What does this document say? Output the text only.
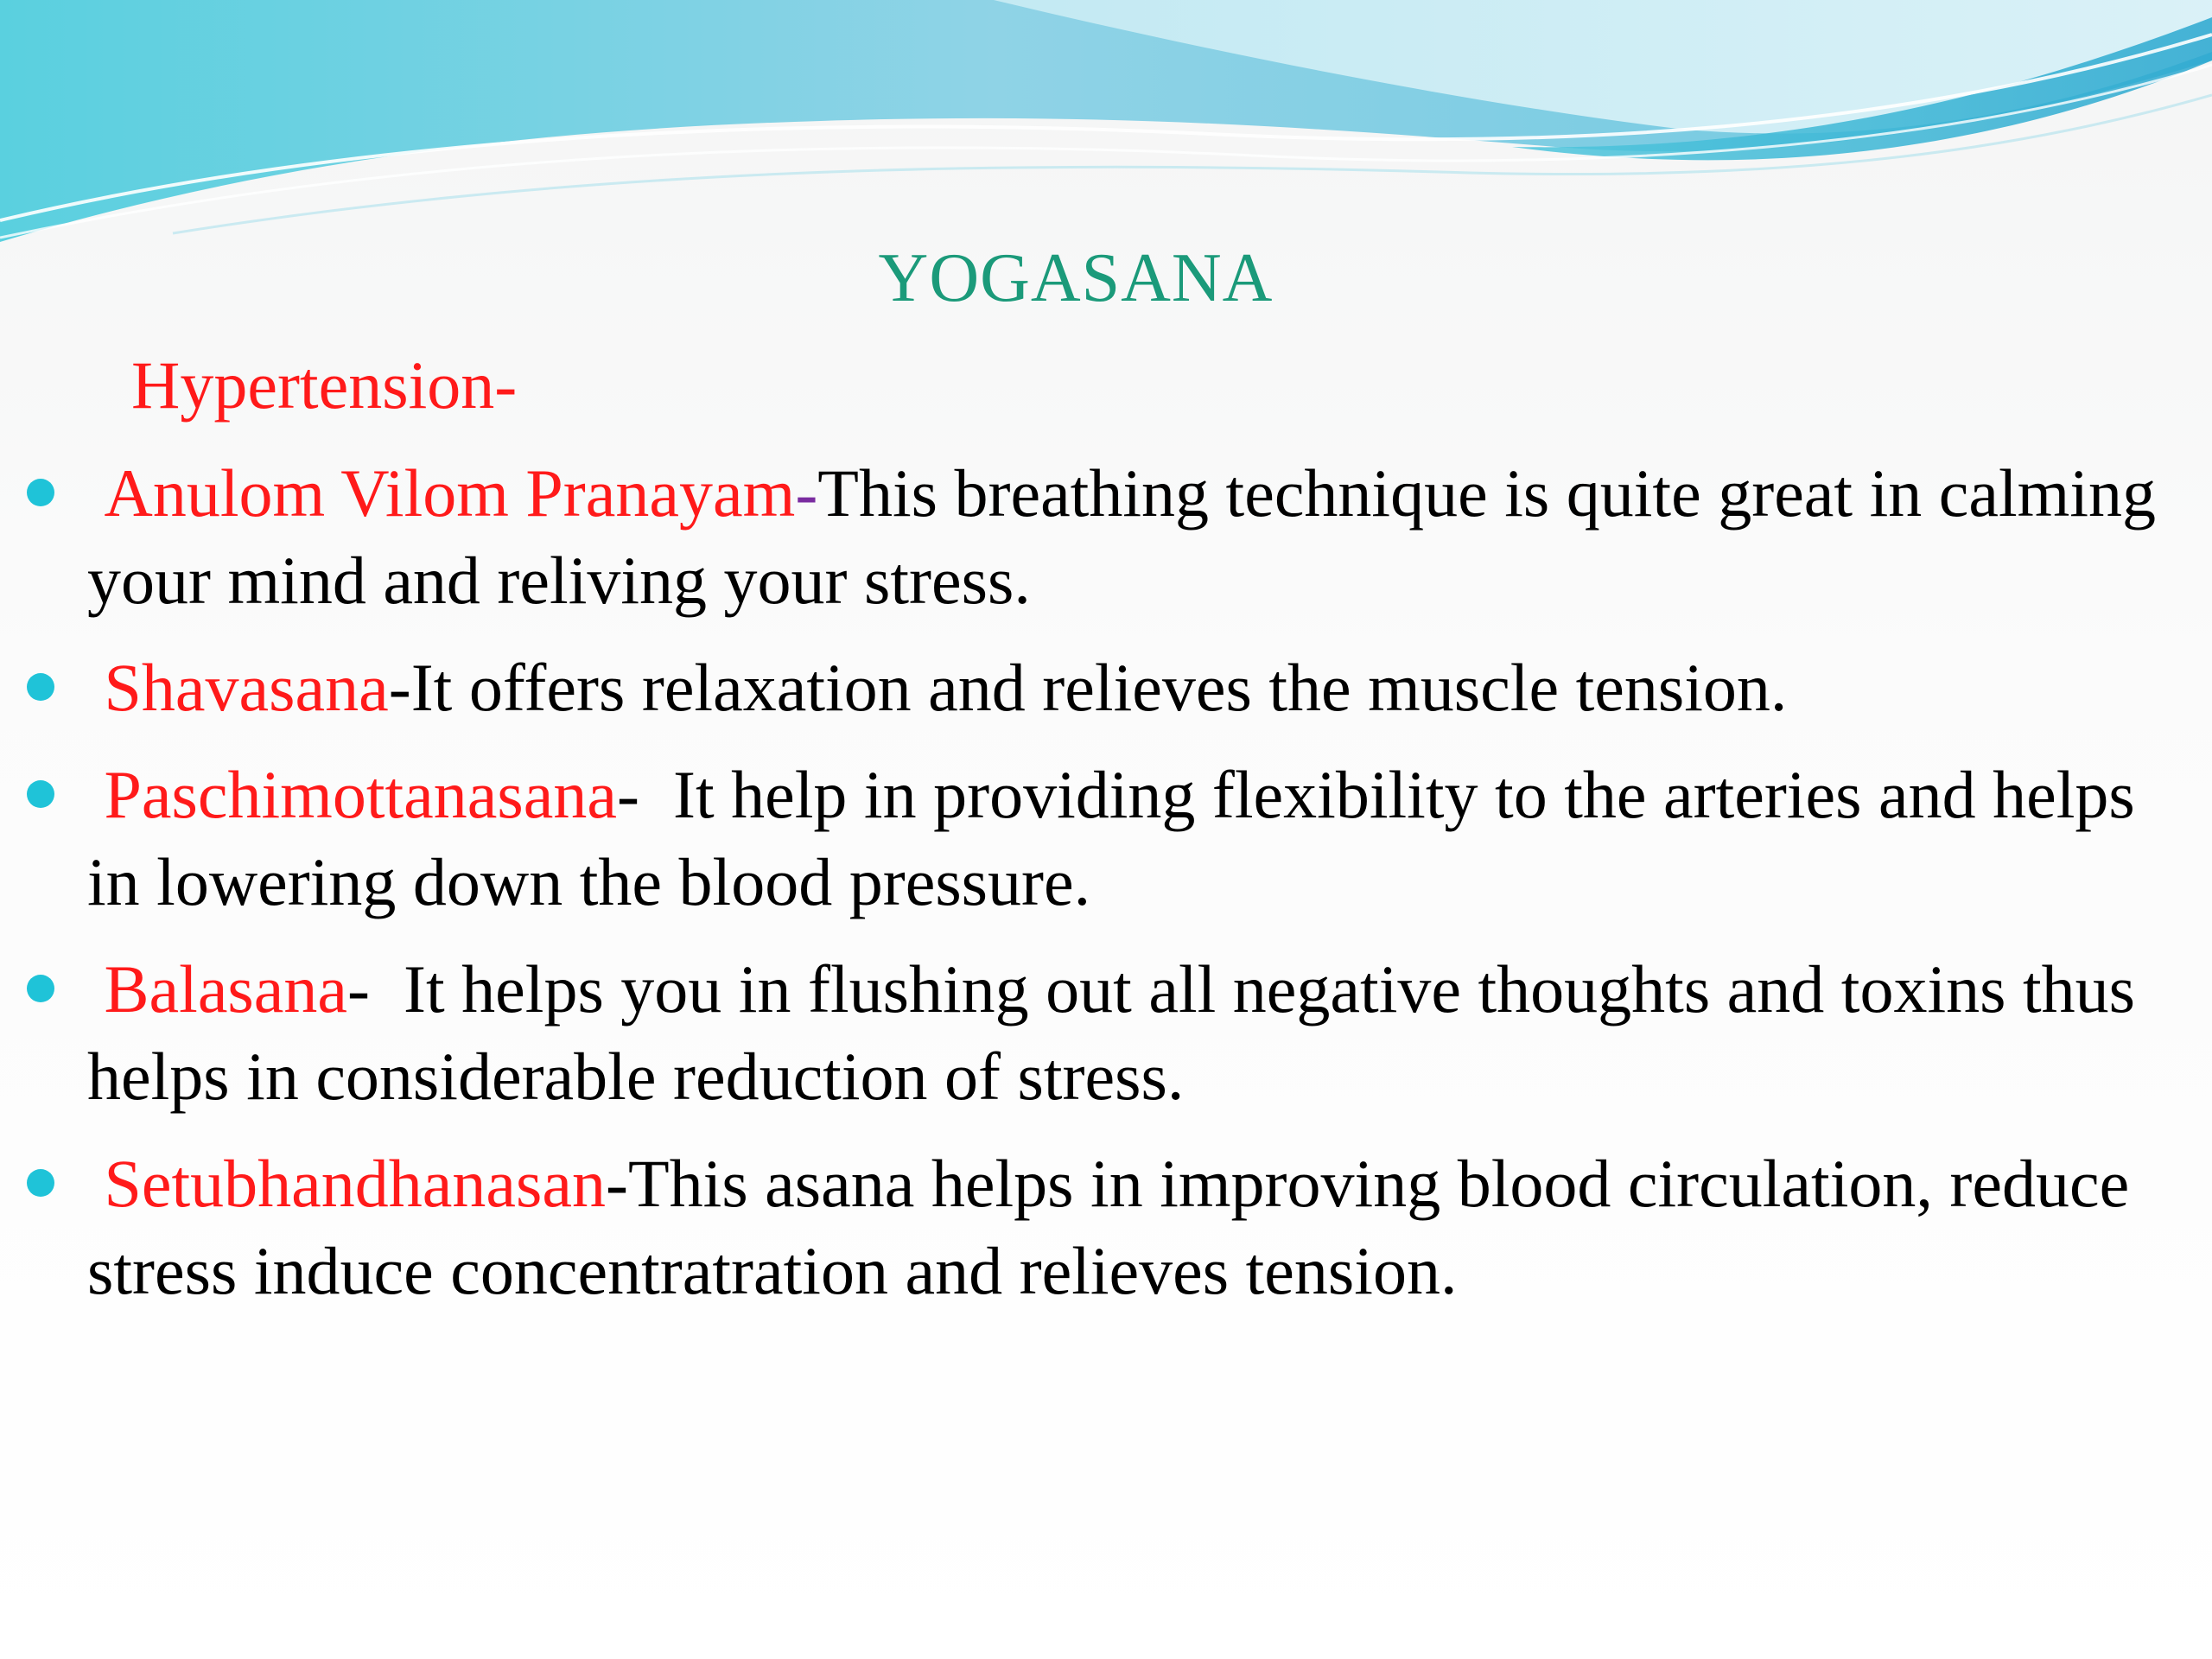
YOGASANA
Hypertension-
Anulom Vilom Pranayam-This breathing technique is quite great in calming your mind and reliving your stress.
Shavasana-It offers relaxation and relieves the muscle tension.
Paschimottanasana-  It help in providing flexibility to the arteries and helps in lowering down the blood pressure.
Balasana-  It helps you in flushing out all negative thoughts and toxins thus helps in considerable reduction of stress.
Setubhandhanasan-This asana helps in improving blood circulation, reduce stress induce concentratration and relieves tension.
